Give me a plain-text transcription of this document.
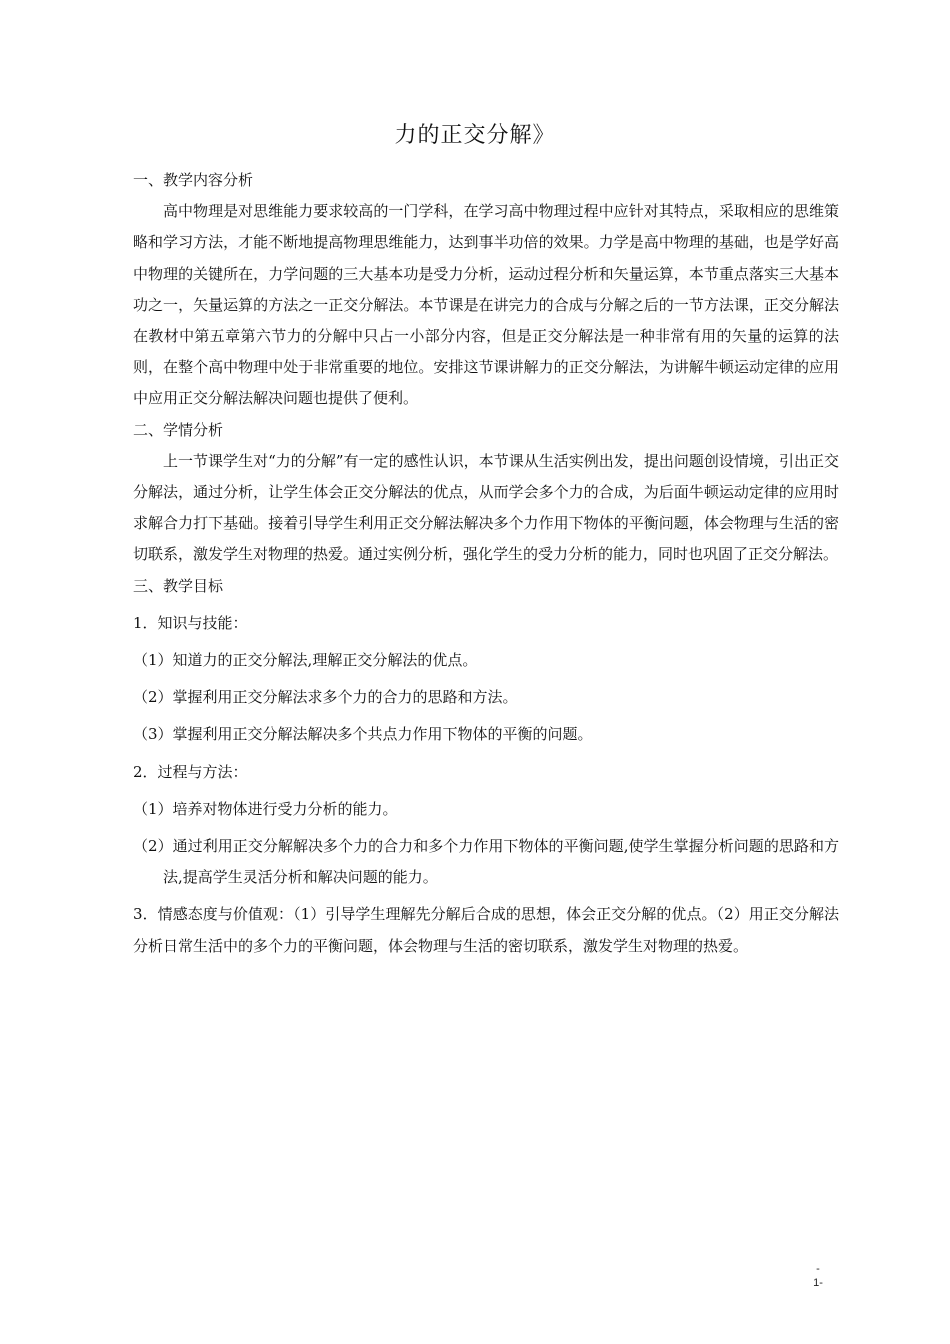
力的正交分解》

一、教学内容分析

高中物理是对思维能力要求较高的一门学科，在学习高中物理过程中应针对其特点，采取相应的思维策略和学习方法，才能不断地提高物理思维能力，达到事半功倍的效果。力学是高中物理的基础，也是学好高中物理的关键所在，力学问题的三大基本功是受力分析，运动过程分析和矢量运算，本节重点落实三大基本功之一，矢量运算的方法之一正交分解法。本节课是在讲完力的合成与分解之后的一节方法课，正交分解法在教材中第五章第六节力的分解中只占一小部分内容，但是正交分解法是一种非常有用的矢量的运算的法则，在整个高中物理中处于非常重要的地位。安排这节课讲解力的正交分解法，为讲解牛顿运动定律的应用中应用正交分解法解决问题也提供了便利。

二、学情分析

上一节课学生对“力的分解”有一定的感性认识，本节课从生活实例出发，提出问题创设情境，引出正交分解法，通过分析，让学生体会正交分解法的优点，从而学会多个力的合成，为后面牛顿运动定律的应用时求解合力打下基础。接着引导学生利用正交分解法解决多个力作用下物体的平衡问题，体会物理与生活的密切联系，激发学生对物理的热爱。通过实例分析，强化学生的受力分析的能力，同时也巩固了正交分解法。

三、教学目标

1．知识与技能：

（1）知道力的正交分解法,理解正交分解法的优点。

（2）掌握利用正交分解法求多个力的合力的思路和方法。

（3）掌握利用正交分解法解决多个共点力作用下物体的平衡的问题。

2．过程与方法：

（1）培养对物体进行受力分析的能力。

（2）通过利用正交分解解决多个力的合力和多个力作用下物体的平衡问题,使学生掌握分析问题的思路和方法,提高学生灵活分析和解决问题的能力。

3．情感态度与价值观：（1）引导学生理解先分解后合成的思想，体会正交分解的优点。（2）用正交分解法分析日常生活中的多个力的平衡问题，体会物理与生活的密切联系，激发学生对物理的热爱。

-
1-
